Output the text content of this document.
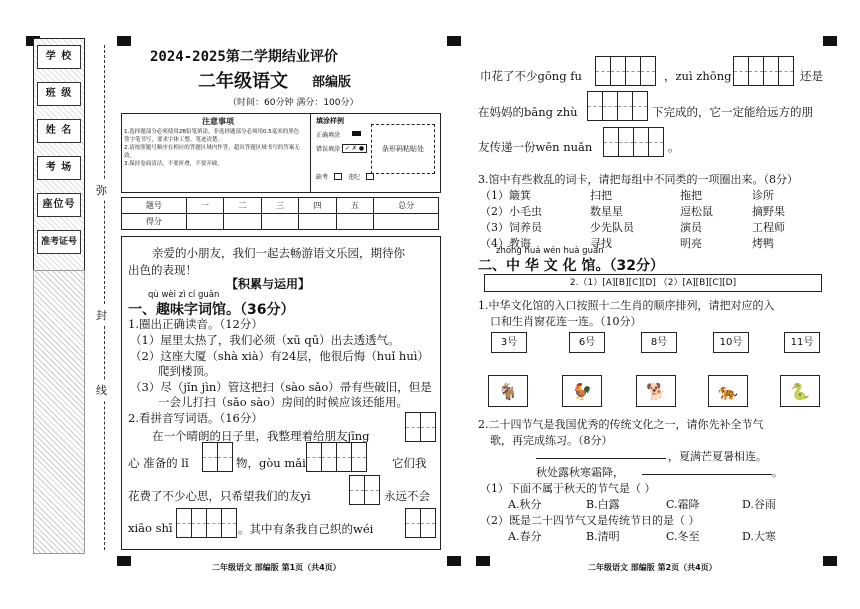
学 校
班 级
姓 名
考 场
座位号
准考证号
弥
封
线
2024-2025第二学期结业评价
二年级语文 部编版
（时间：60分钟 满分：100分）
注意事项
1.选择题部分必须使用2B铅笔填涂，非选择题部分必须用0.5毫米的黑色签字笔书写，要求字体工整、笔迹清楚。
2.请按照题号顺序在相应的答题区域内作答，超出答题区域书写的答案无效。
3.保持卷面清洁，不要折叠，不要弄破。
填涂样例
正确填涂
错误填涂 ✓ ✗ ●
缺考	违纪
条形码粘贴处
题号	一	二	三	四	五	总分
得分						
亲爱的小朋友，我们一起去畅游语文乐园，期待你
出色的表现！
【积累与运用】
qù wèi zì cí guǎn
一、趣味字词馆。（36分）
1.圈出正确读音。（12分）
（1）屋里太热了，我们必须（xū qū）出去透透气。
（2）这座大厦（shà xià）有24层，他很后悔（huǐ huì）
爬到楼顶。
（3）尽（jǐn jìn）管这把扫（sào sǎo）帚有些破旧，但是
一会儿打扫（sǎo sào）房间的时候应该还能用。
2.看拼音写词语。（16分）
在一个晴朗的日子里，我整理着给朋友jīng
心 准备的 lǐ	物，gòu mǎi	它们我
花费了不少心思，只希望我们的友yì	永远不会
xiāo shī	。其中有条我自己织的wéi
二年级语文 部编版 第1页（共4页）
巾花了不少gōng fu	，zuì zhōng	还是
在妈妈的bāng zhù	下完成的，它一定能给远方的朋
友传递一份wēn nuǎn	。
3.馆中有些救乱的词卡，请把每组中不同类的一项圈出来。（8分）
（1）簸箕	扫把	拖把	诊所
（2）小毛虫	数星星	逗松鼠	摘野果
（3）饲养员	少先队员	演员	工程师
（4）教诲	寻找	明亮	烤鸭
zhōng huá wén huà guǎn
二、中 华 文 化 馆。（32分）
2.（1）[A][B][C][D] （2）[A][B][C][D]
1.中华文化馆的入口按照十二生肖的顺序排列，请把对应的入
口和生肖窗花连一连。（10分）
3号	6号	8号	10号	11号
🐐	🐓	🐕	🐅	🐍
2.二十四节气是我国优秀的传统文化之一，请你先补全节气
歌，再完成练习。（8分）
，夏满芒夏暑相连。
秋处露秋寒霜降，	。
（1）下面不属于秋天的节气是（ ）
A.秋分	B.白露	C.霜降	D.谷雨
（2）既是二十四节气又是传统节日的是（ ）
A.春分	B.清明	C.冬至	D.大寒
二年级语文 部编版 第2页（共4页）
